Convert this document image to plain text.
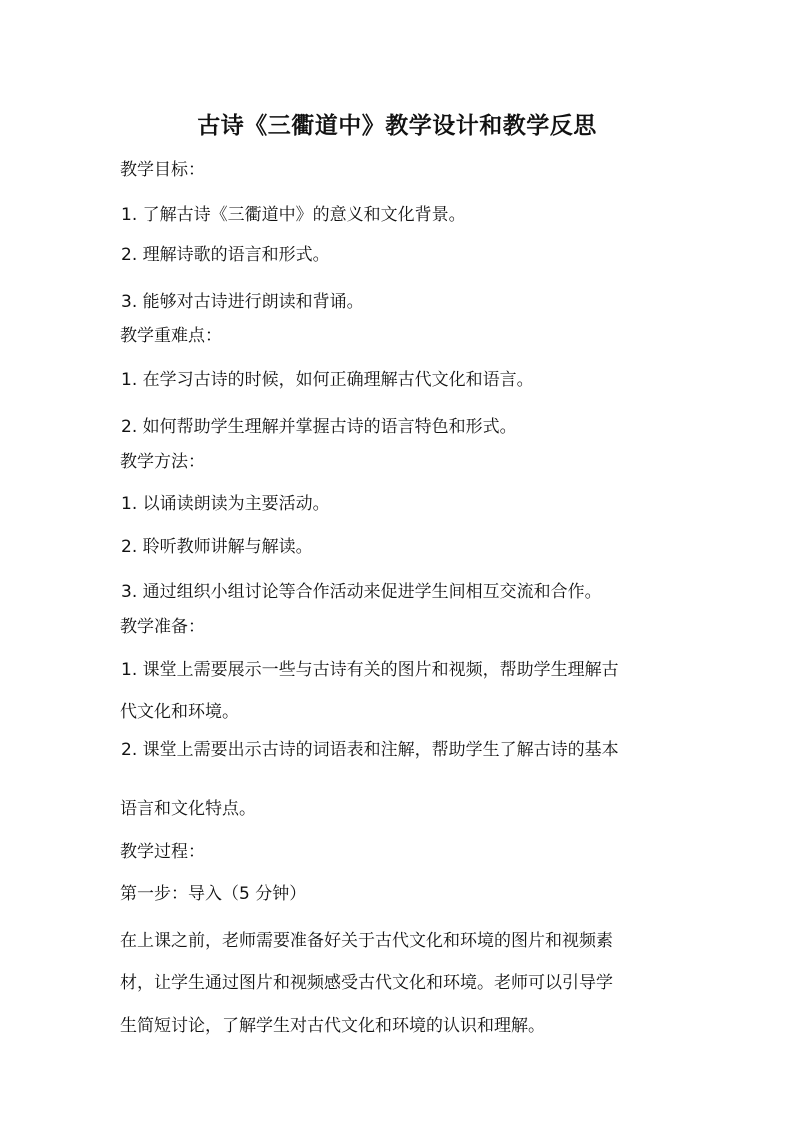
古诗《三衢道中》教学设计和教学反思
教学目标：
1. 了解古诗《三衢道中》的意义和文化背景。
2. 理解诗歌的语言和形式。
3. 能够对古诗进行朗读和背诵。
教学重难点：
1. 在学习古诗的时候，如何正确理解古代文化和语言。
2. 如何帮助学生理解并掌握古诗的语言特色和形式。
教学方法：
1. 以诵读朗读为主要活动。
2. 聆听教师讲解与解读。
3. 通过组织小组讨论等合作活动来促进学生间相互交流和合作。
教学准备：
1. 课堂上需要展示一些与古诗有关的图片和视频，帮助学生理解古
代文化和环境。
2. 课堂上需要出示古诗的词语表和注解，帮助学生了解古诗的基本
语言和文化特点。
教学过程：
第一步：导入（5 分钟）
在上课之前，老师需要准备好关于古代文化和环境的图片和视频素
材，让学生通过图片和视频感受古代文化和环境。老师可以引导学
生简短讨论，了解学生对古代文化和环境的认识和理解。
